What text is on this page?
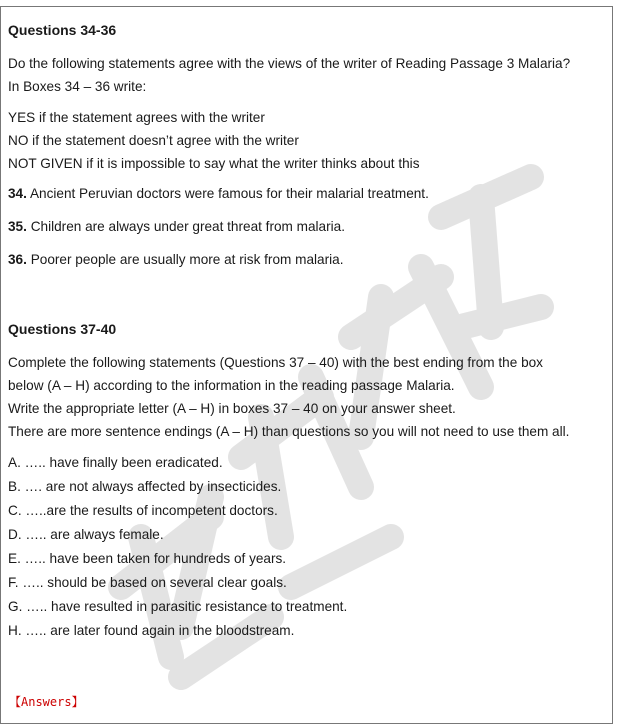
Questions 34-36

Do the following statements agree with the views of the writer of Reading Passage 3 Malaria?

In Boxes 34 – 36 write:

YES if the statement agrees with the writer

NO if the statement doesn’t agree with the writer

NOT GIVEN if it is impossible to say what the writer thinks about this

34. Ancient Peruvian doctors were famous for their malarial treatment.

35. Children are always under great threat from malaria.

36. Poorer people are usually more at risk from malaria.

Questions 37-40

Complete the following statements (Questions 37 – 40) with the best ending from the box

below (A – H) according to the information in the reading passage Malaria.

Write the appropriate letter (A – H) in boxes 37 – 40 on your answer sheet.

There are more sentence endings (A – H) than questions so you will not need to use them all.

A. ….. have finally been eradicated.

B. …. are not always affected by insecticides.

C. …..are the results of incompetent doctors.

D. ….. are always female.

E. ….. have been taken for hundreds of years.

F. ….. should be based on several clear goals.

G. ….. have resulted in parasitic resistance to treatment.

H. ….. are later found again in the bloodstream.

【Answers】
